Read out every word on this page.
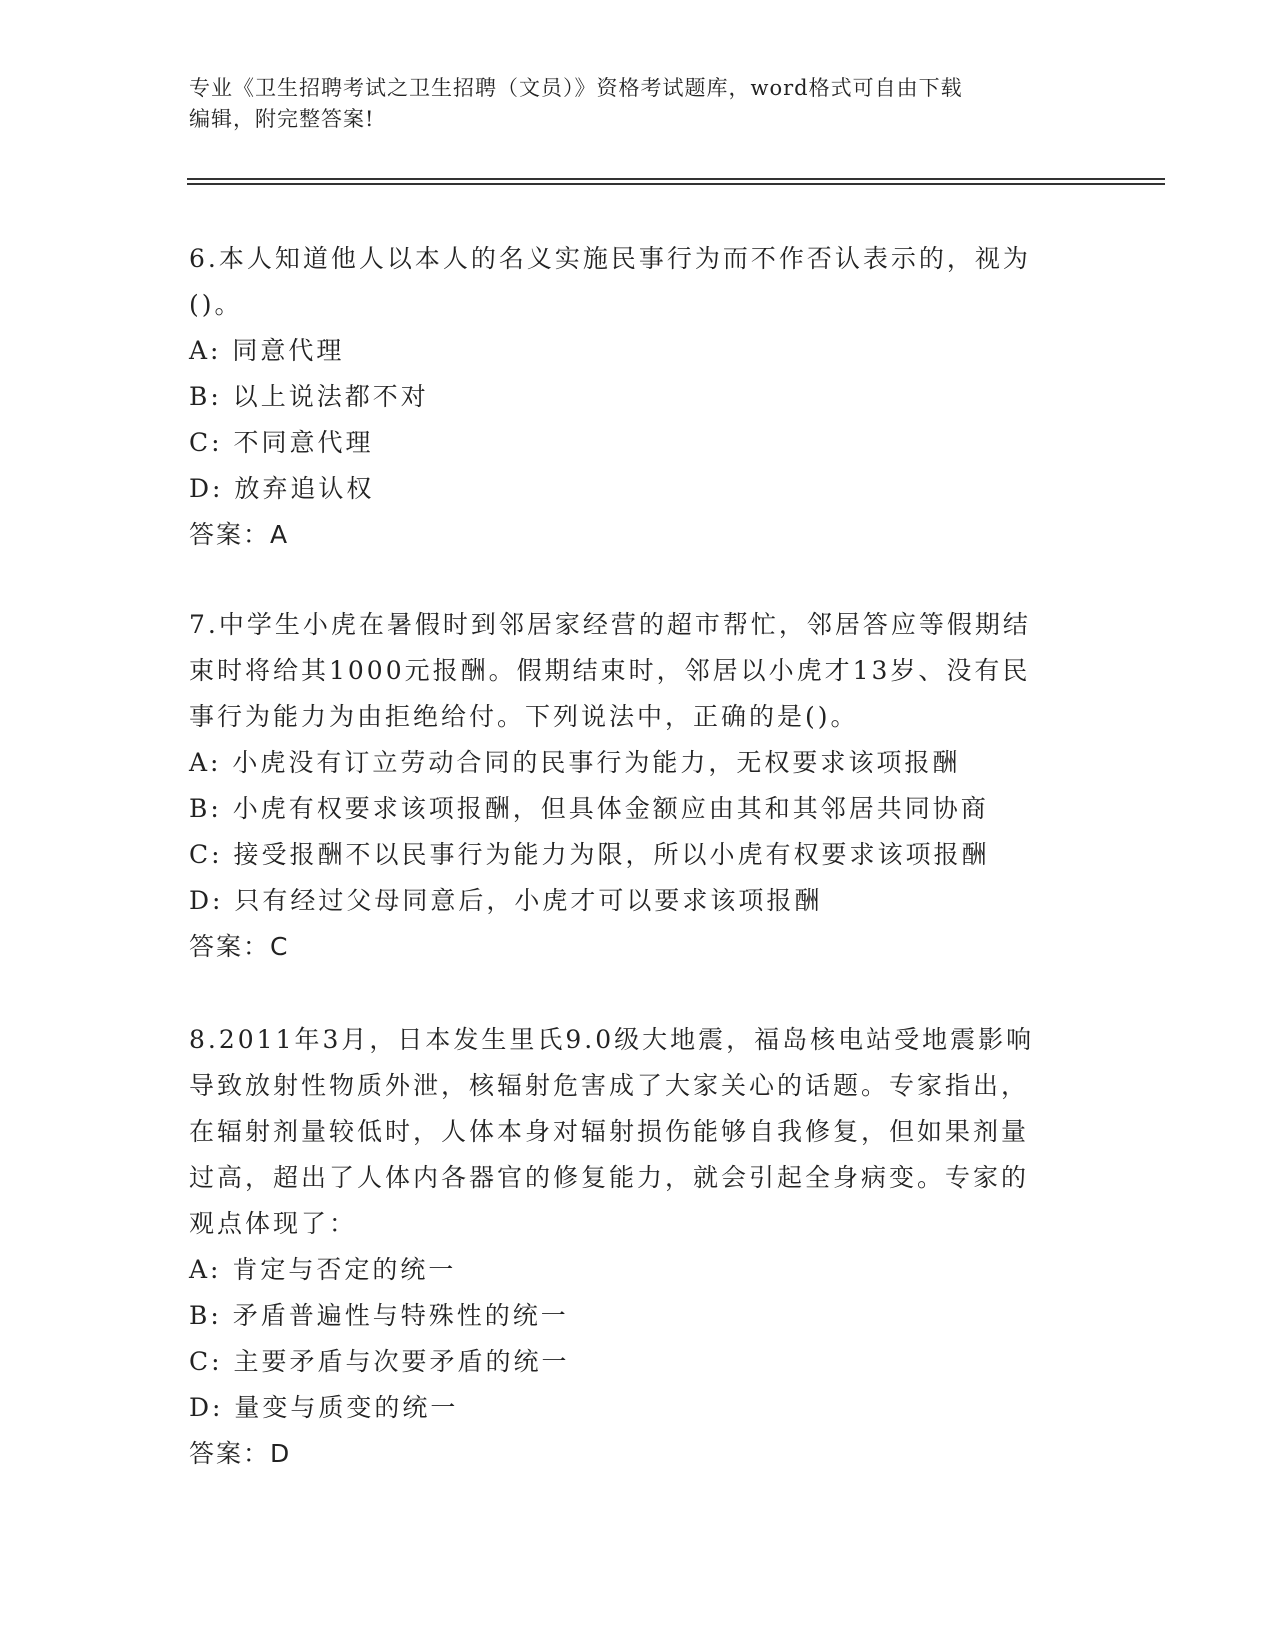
专业《卫生招聘考试之卫生招聘（文员）》资格考试题库，word格式可自由下载
编辑，附完整答案!

6.本人知道他人以本人的名义实施民事行为而不作否认表示的，视为

()。

A: 同意代理

B: 以上说法都不对

C: 不同意代理

D: 放弃追认权

答案：A

7.中学生小虎在暑假时到邻居家经营的超市帮忙，邻居答应等假期结

束时将给其1000元报酬。假期结束时，邻居以小虎才13岁、没有民

事行为能力为由拒绝给付。下列说法中，正确的是()。

A: 小虎没有订立劳动合同的民事行为能力，无权要求该项报酬

B: 小虎有权要求该项报酬，但具体金额应由其和其邻居共同协商

C: 接受报酬不以民事行为能力为限，所以小虎有权要求该项报酬

D: 只有经过父母同意后，小虎才可以要求该项报酬

答案：C

8.2011年3月，日本发生里氏9.0级大地震，福岛核电站受地震影响

导致放射性物质外泄，核辐射危害成了大家关心的话题。专家指出，

在辐射剂量较低时，人体本身对辐射损伤能够自我修复，但如果剂量

过高，超出了人体内各器官的修复能力，就会引起全身病变。专家的

观点体现了：

A: 肯定与否定的统一

B: 矛盾普遍性与特殊性的统一

C: 主要矛盾与次要矛盾的统一

D: 量变与质变的统一

答案：D
